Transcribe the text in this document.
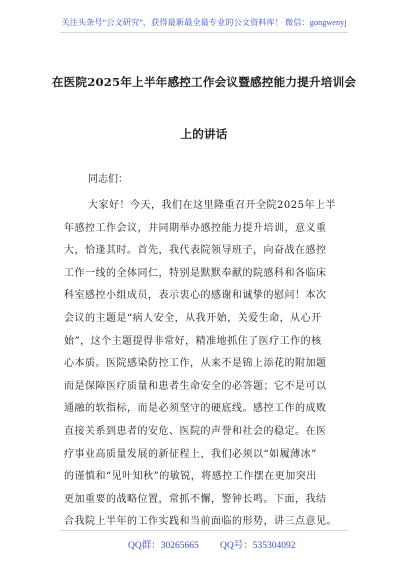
关注头条号“公文研究”，获得最新最全最专业的公文资料库！ 微信：gongwenyj
在医院2025年上半年感控工作会议暨感控能力提升培训会
上的讲话
同志们：
大家好！今天，我们在这里隆重召开全院2025年上半
年感控工作会议，并同期举办感控能力提升培训，意义重
大，恰逢其时。首先，我代表院领导班子，向奋战在感控
工作一线的全体同仁，特别是默默奉献的院感科和各临床
科室感控小组成员，表示衷心的感谢和诚挚的慰问！本次
会议的主题是“病人安全，从我开始，关爱生命，从心开
始”，这个主题提得非常好，精准地抓住了医疗工作的核
心本质。医院感染防控工作，从来不是锦上添花的附加题
而是保障医疗质量和患者生命安全的必答题；它不是可以
通融的软指标，而是必须坚守的硬底线。感控工作的成败
直接关系到患者的安危、医院的声誉和社会的稳定。在医
疗事业高质量发展的新征程上，我们必须以“如履薄冰”
的谨慎和“见叶知秋”的敏锐，将感控工作摆在更加突出
更加重要的战略位置，常抓不懈，警钟长鸣。下面，我结
合我院上半年的工作实践和当前面临的形势，讲三点意见。
QQ群：30265665 QQ号：535304092
